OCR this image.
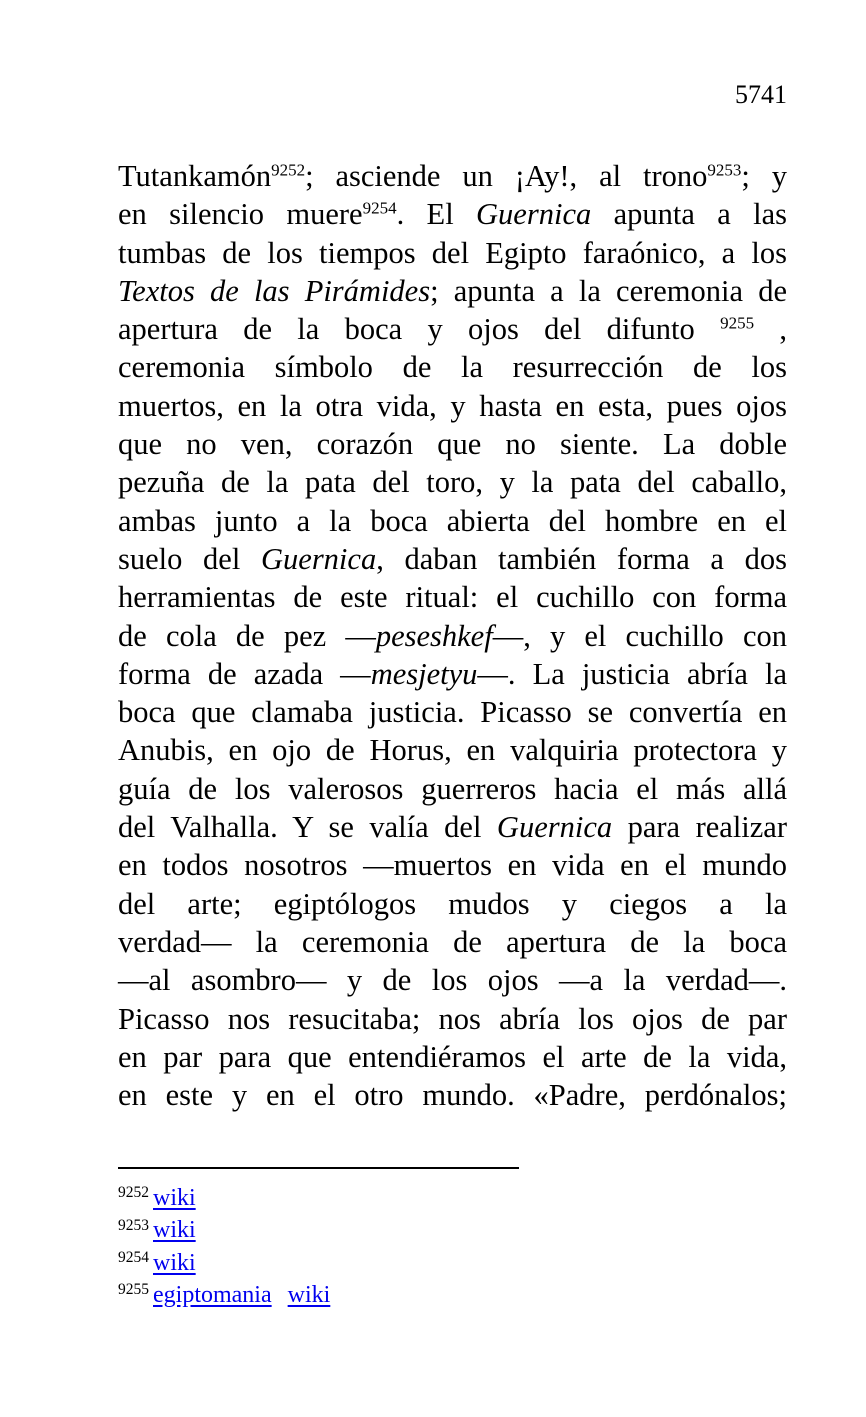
5741
Tutankamón$^{9252}$; asciende un ¡Ay!, al trono$^{9253}$; y
en silencio muere$^{9254}$. El Guernica apunta a las
tumbas de los tiempos del Egipto faraónico, a los
Textos de las Pirámides; apunta a la ceremonia de
apertura de la boca y ojos del difunto $^{9255}$ ,
ceremonia símbolo de la resurrección de los
muertos, en la otra vida, y hasta en esta, pues ojos
que no ven, corazón que no siente. La doble
pezuña de la pata del toro, y la pata del caballo,
ambas junto a la boca abierta del hombre en el
suelo del Guernica, daban también forma a dos
herramientas de este ritual: el cuchillo con forma
de cola de pez —peseshkef—, y el cuchillo con
forma de azada —mesjetyu—. La justicia abría la
boca que clamaba justicia. Picasso se convertía en
Anubis, en ojo de Horus, en valquiria protectora y
guía de los valerosos guerreros hacia el más allá
del Valhalla. Y se valía del Guernica para realizar
en todos nosotros —muertos en vida en el mundo
del arte; egiptólogos mudos y ciegos a la
verdad— la ceremonia de apertura de la boca
—al asombro— y de los ojos —a la verdad—.
Picasso nos resucitaba; nos abría los ojos de par
en par para que entendiéramos el arte de la vida,
en este y en el otro mundo. «Padre, perdónalos;
$^{9252}$ wiki
$^{9253}$ wiki
$^{9254}$ wiki
$^{9255}$ egiptomania wiki
